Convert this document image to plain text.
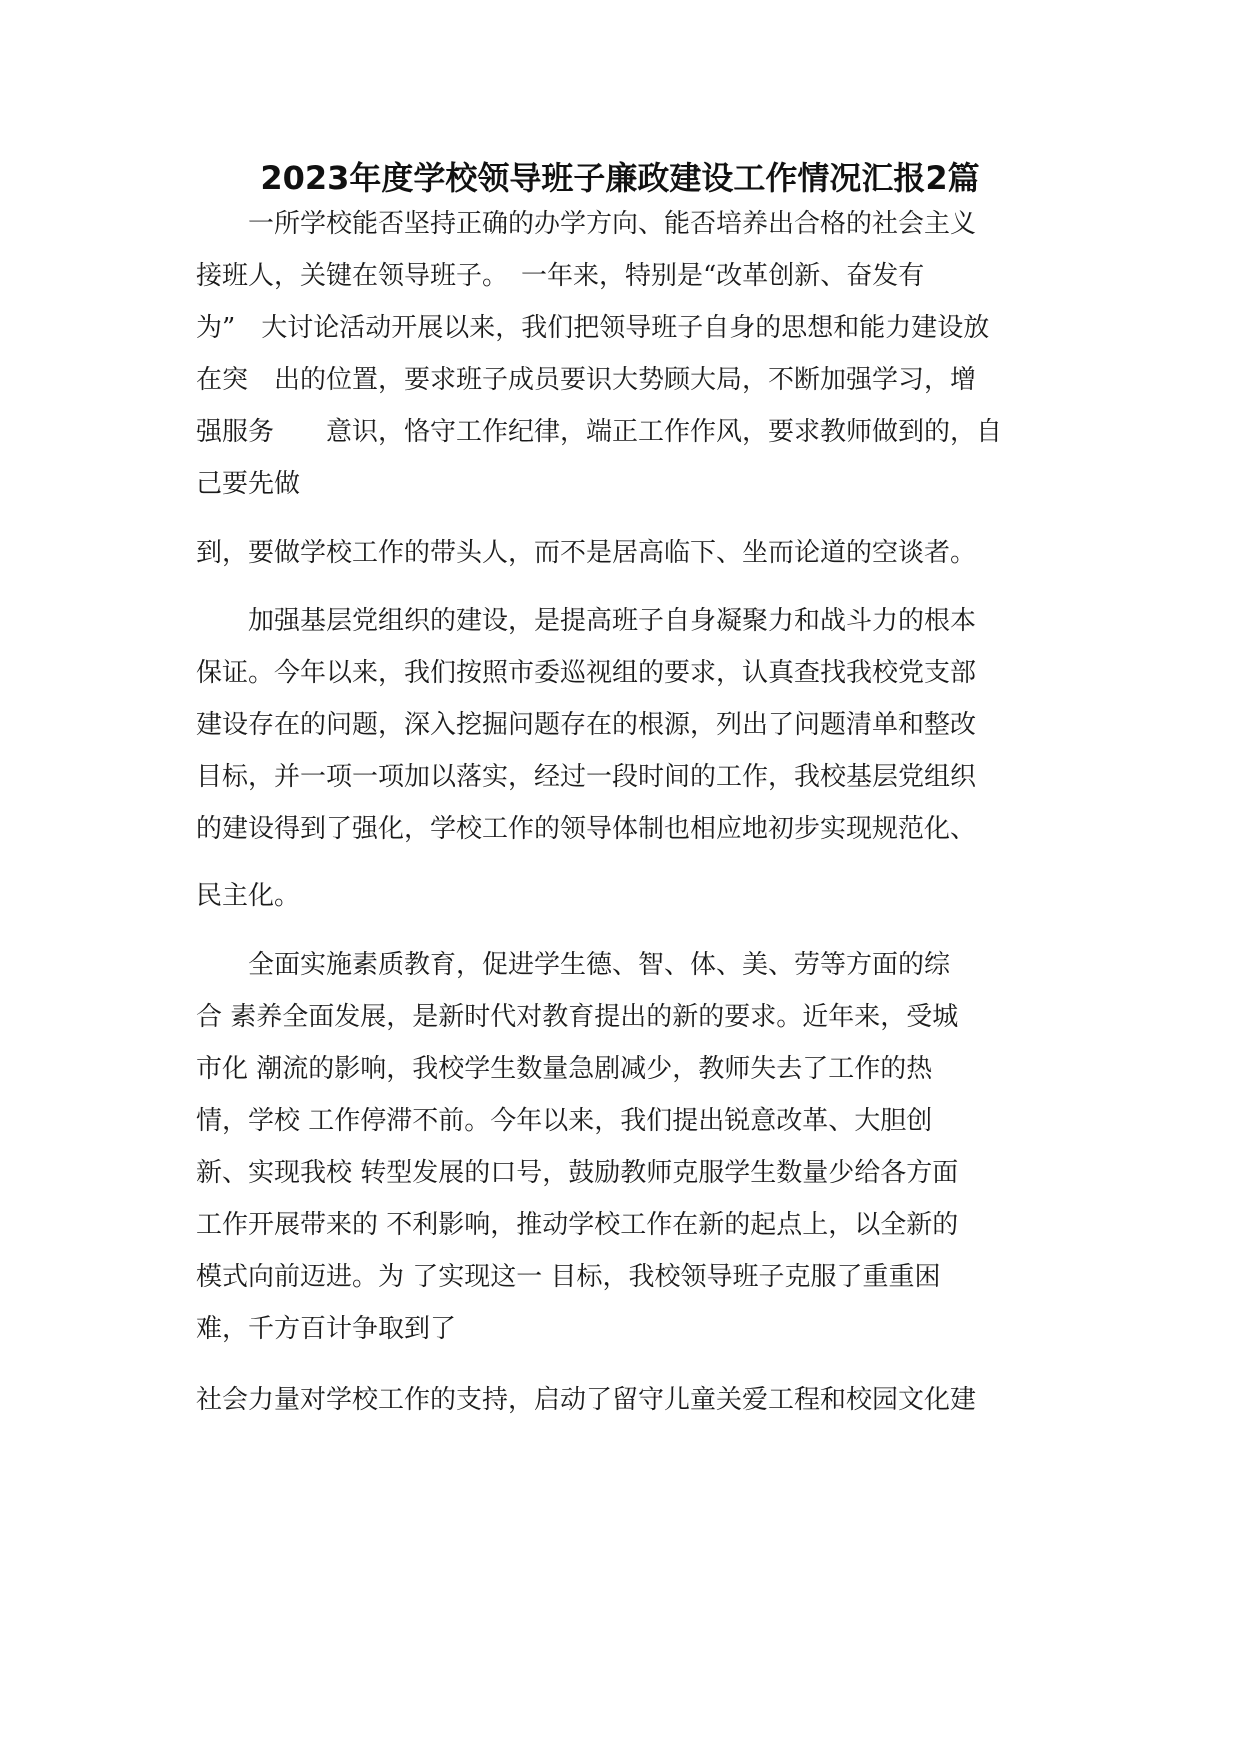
2023年度学校领导班子廉政建设工作情况汇报2篇
　　一所学校能否坚持正确的办学方向、能否培养出合格的社会主义
接班人，关键在领导班子。　一年来，特别是“改革创新、奋发有
为”　大讨论活动开展以来，我们把领导班子自身的思想和能力建设放
在突　出的位置，要求班子成员要识大势顾大局，不断加强学习，增
强服务　　意识，恪守工作纪律，端正工作作风，要求教师做到的，自
己要先做
到，要做学校工作的带头人，而不是居高临下、坐而论道的空谈者。
　　加强基层党组织的建设，是提高班子自身凝聚力和战斗力的根本
保证。今年以来，我们按照市委巡视组的要求，认真查找我校党支部
建设存在的问题，深入挖掘问题存在的根源，列出了问题清单和整改
目标，并一项一项加以落实，经过一段时间的工作，我校基层党组织
的建设得到了强化，学校工作的领导体制也相应地初步实现规范化、
民主化。
　　全面实施素质教育，促进学生德、智、体、美、劳等方面的综
合 素养全面发展，是新时代对教育提出的新的要求。近年来，受城
市化 潮流的影响，我校学生数量急剧减少，教师失去了工作的热
情，学校 工作停滞不前。今年以来，我们提出锐意改革、大胆创
新、实现我校 转型发展的口号，鼓励教师克服学生数量少给各方面
工作开展带来的 不利影响，推动学校工作在新的起点上，以全新的
模式向前迈进。为 了实现这一 目标，我校领导班子克服了重重困
难，千方百计争取到了
社会力量对学校工作的支持，启动了留守儿童关爱工程和校园文化建
